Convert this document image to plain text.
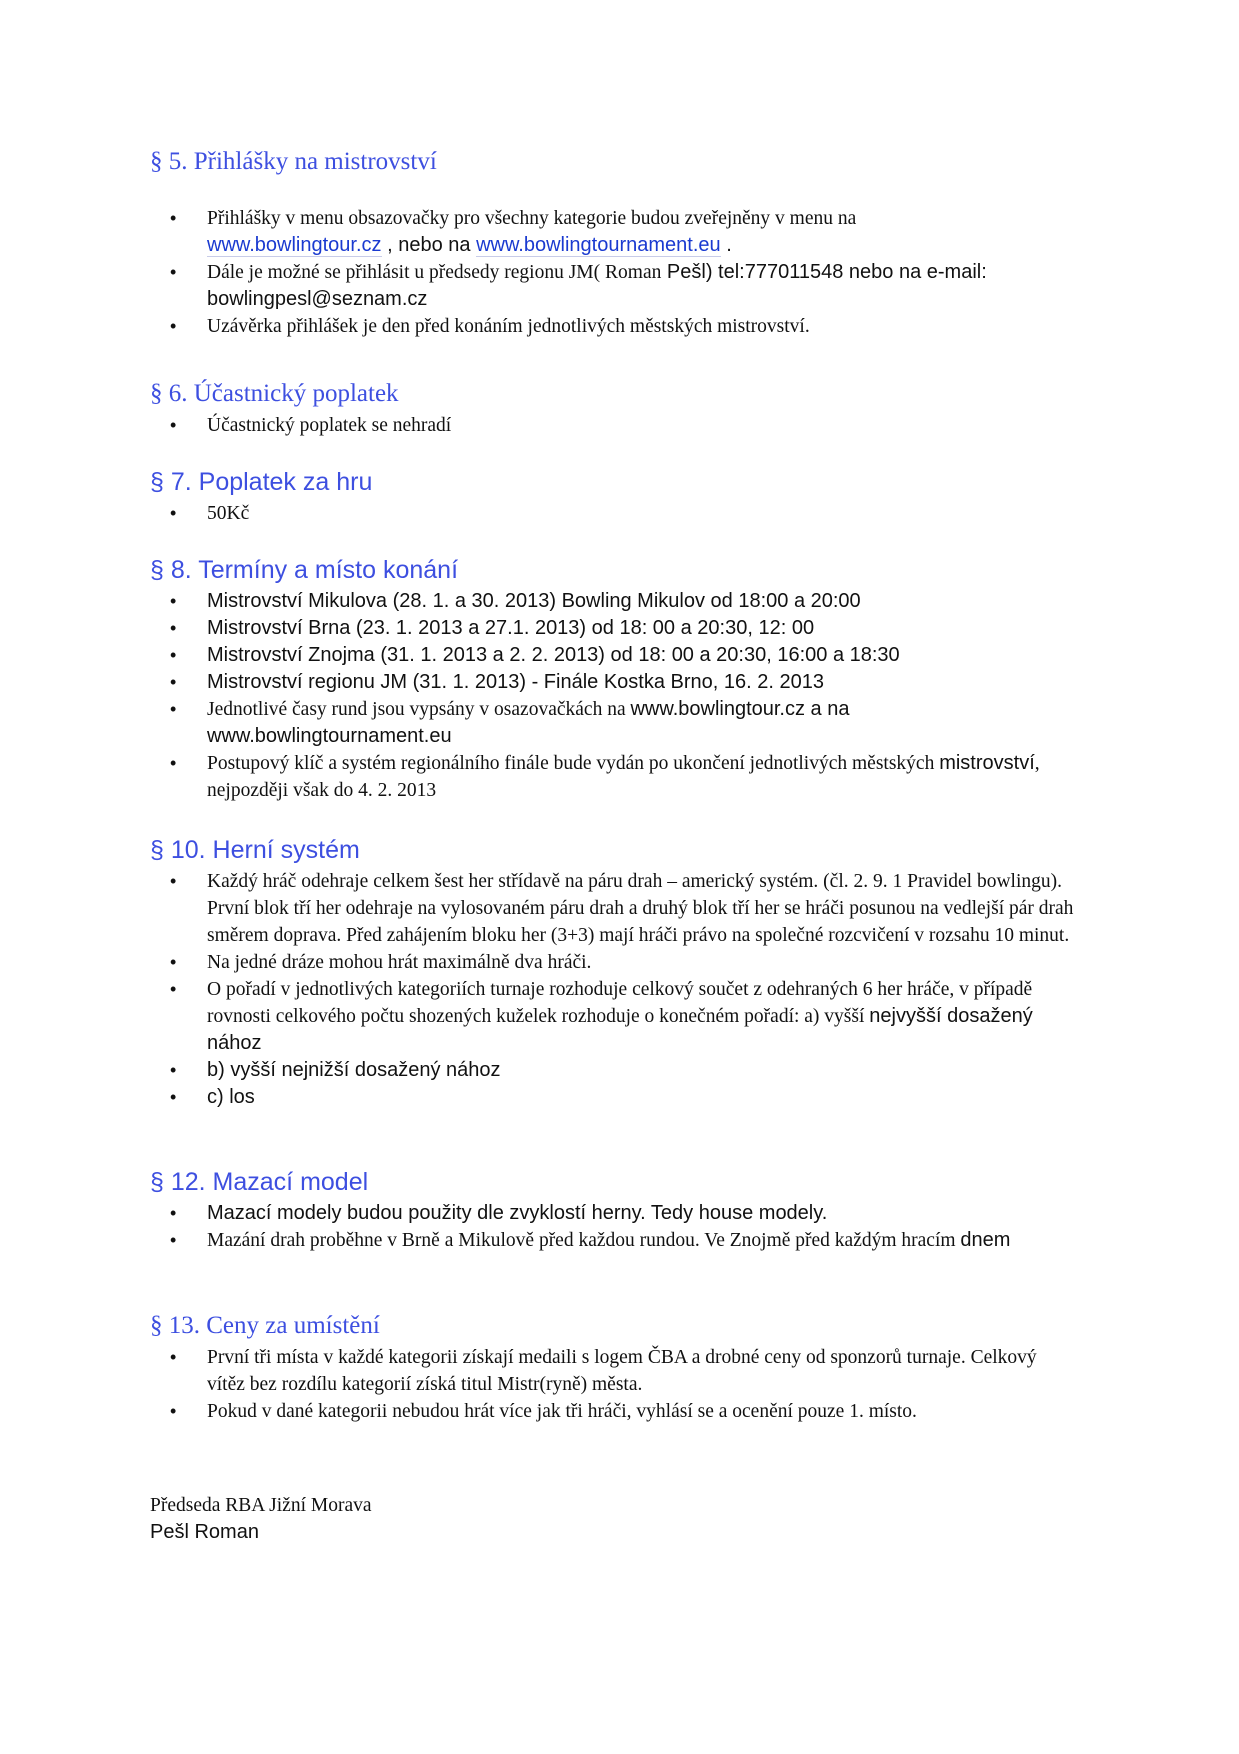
§ 5. Přihlášky na mistrovství
• Přihlášky v menu obsazovačky pro všechny kategorie budou zveřejněny v menu na
www.bowlingtour.cz , nebo na www.bowlingtournament.eu .
• Dále je možné se přihlásit u předsedy regionu JM( Roman Pešl) tel:777011548 nebo na e-mail: bowlingpesl@seznam.cz
• Uzávěrka přihlášek je den před konáním jednotlivých městských mistrovství.
§ 6. Účastnický poplatek
• Účastnický poplatek se nehradí
§ 7. Poplatek za hru
• 50Kč
§ 8. Termíny a místo konání
• Mistrovství Mikulova (28. 1. a 30. 2013) Bowling Mikulov od 18:00 a 20:00
• Mistrovství Brna (23. 1. 2013 a 27.1. 2013) od 18: 00 a 20:30, 12: 00
• Mistrovství Znojma (31. 1. 2013 a 2. 2. 2013) od 18: 00 a 20:30, 16:00 a 18:30
• Mistrovství regionu JM (31. 1. 2013) - Finále Kostka Brno, 16. 2. 2013
• Jednotlivé časy rund jsou vypsány v osazovačkách na www.bowlingtour.cz a na www.bowlingtournament.eu
• Postupový klíč a systém regionálního finále bude vydán po ukončení jednotlivých městských mistrovství, nejpozději však do 4. 2. 2013
§ 10. Herní systém
• Každý hráč odehraje celkem šest her střídavě na páru drah – americký systém. (čl. 2. 9. 1 Pravidel bowlingu). První blok tří her odehraje na vylosovaném páru drah a druhý blok tří her se hráči posunou na vedlejší pár drah směrem doprava. Před zahájením bloku her (3+3) mají hráči právo na společné rozcvičení v rozsahu 10 minut.
• Na jedné dráze mohou hrát maximálně dva hráči.
• O pořadí v jednotlivých kategoriích turnaje rozhoduje celkový součet z odehraných 6 her hráče, v případě rovnosti celkového počtu shozených kuželek rozhoduje o konečném pořadí: a) vyšší nejvyšší dosažený nához
• b) vyšší nejnižší dosažený nához
• c) los
§ 12. Mazací model
• Mazací modely budou použity dle zvyklostí herny. Tedy house modely.
• Mazání drah proběhne v Brně a Mikulově před každou rundou. Ve Znojmě před každým hracím dnem
§ 13. Ceny za umístění
• První tři místa v každé kategorii získají medaili s logem ČBA a drobné ceny od sponzorů turnaje. Celkový vítěz bez rozdílu kategorií získá titul Mistr(ryně) města.
• Pokud v dané kategorii nebudou hrát více jak tři hráči, vyhlásí se a ocenění pouze 1. místo.
Předseda RBA Jižní Morava
Pešl Roman
